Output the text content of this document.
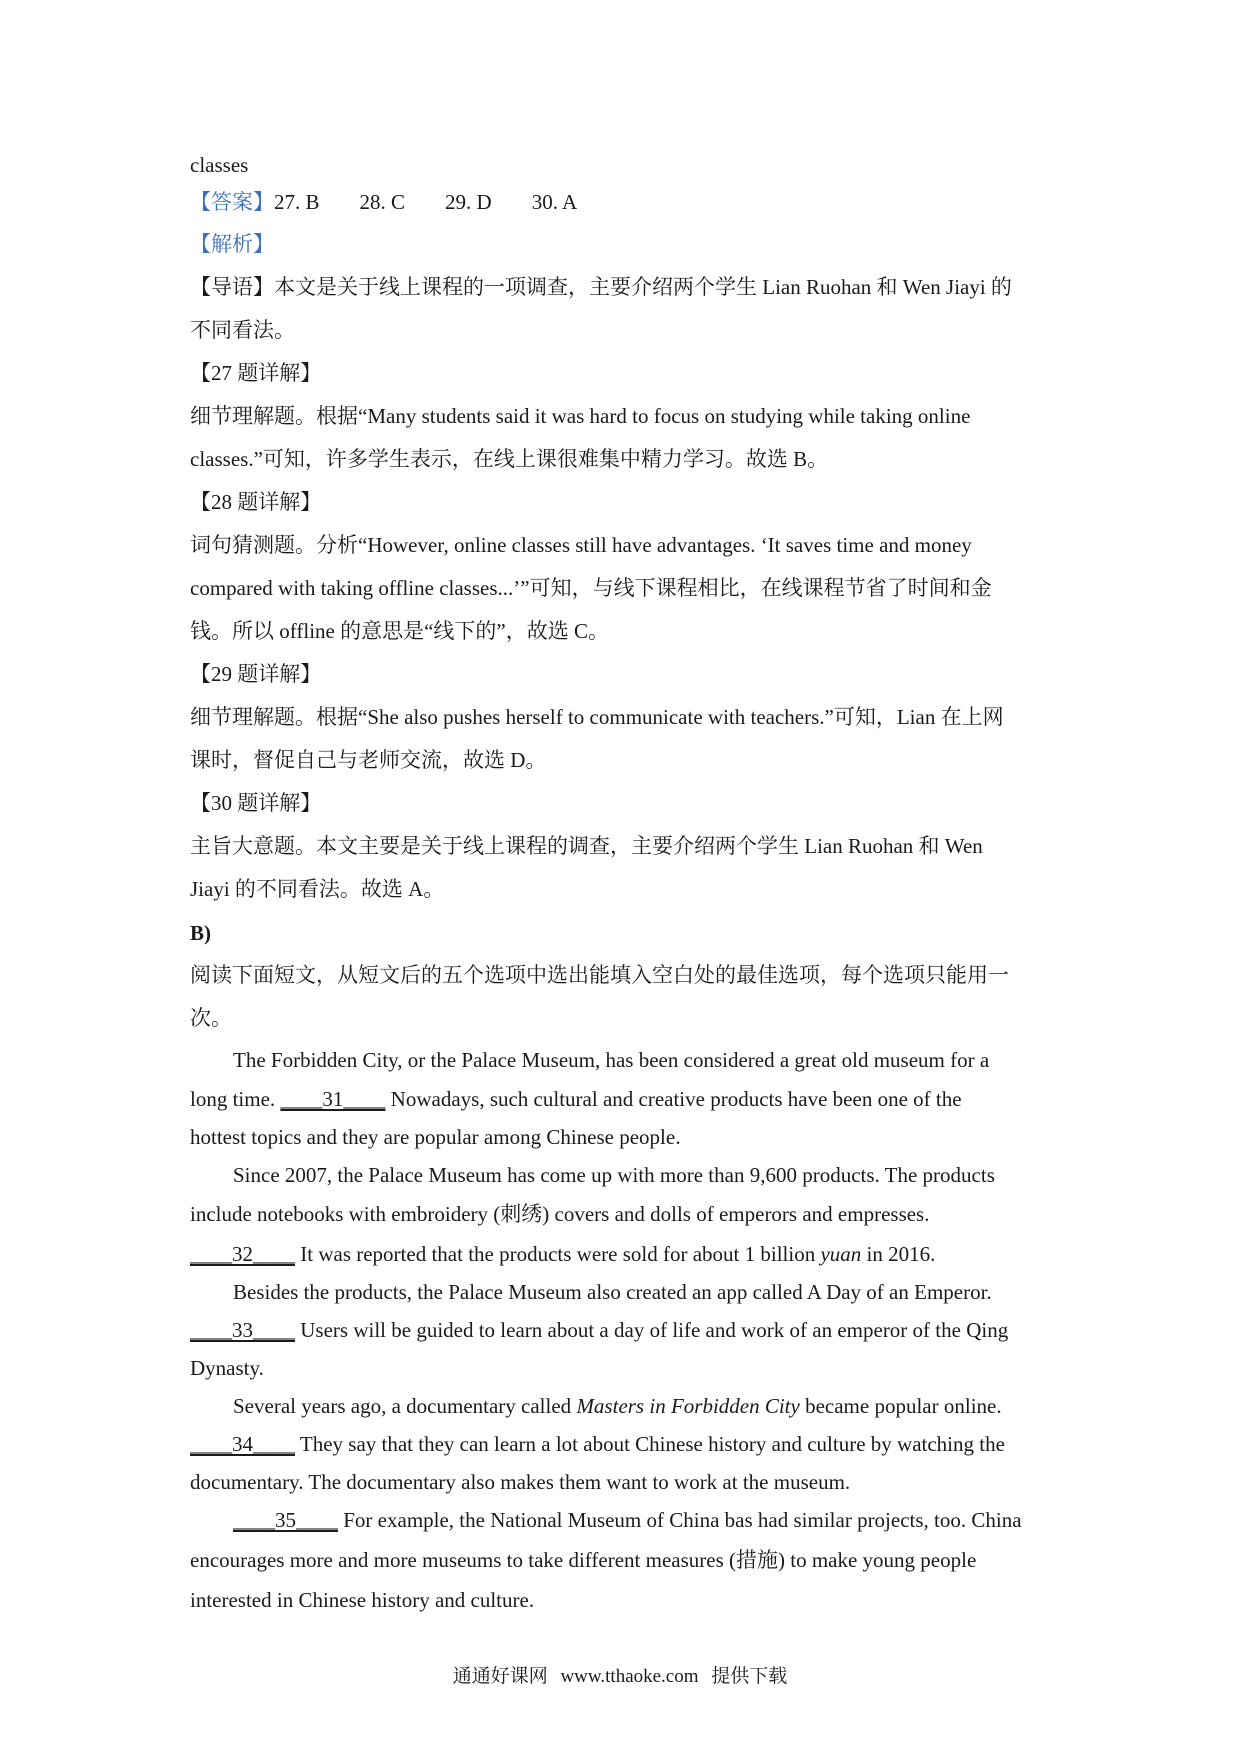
classes
【答案】27. B 28. C 29. D 30. A
【解析】
【导语】本文是关于线上课程的一项调查，主要介绍两个学生 Lian Ruohan 和 Wen Jiayi 的
不同看法。
【27 题详解】
细节理解题。根据“Many students said it was hard to focus on studying while taking online
classes.”可知，许多学生表示，在线上课很难集中精力学习。故选 B。
【28 题详解】
词句猜测题。分析“However, online classes still have advantages. ‘It saves time and money
compared with taking offline classes...’”可知，与线下课程相比，在线课程节省了时间和金
钱。所以 offline 的意思是“线下的”，故选 C。
【29 题详解】
细节理解题。根据“She also pushes herself to communicate with teachers.”可知，Lian 在上网
课时，督促自己与老师交流，故选 D。
【30 题详解】
主旨大意题。本文主要是关于线上课程的调查，主要介绍两个学生 Lian Ruohan 和 Wen
Jiayi 的不同看法。故选 A。
B)
阅读下面短文，从短文后的五个选项中选出能填入空白处的最佳选项，每个选项只能用一
次。
The Forbidden City, or the Palace Museum, has been considered a great old museum for a
long time. ____31____ Nowadays, such cultural and creative products have been one of the
hottest topics and they are popular among Chinese people.
Since 2007, the Palace Museum has come up with more than 9,600 products. The products
include notebooks with embroidery (刺绣) covers and dolls of emperors and empresses.
____32____ It was reported that the products were sold for about 1 billion yuan in 2016.
Besides the products, the Palace Museum also created an app called A Day of an Emperor.
____33____ Users will be guided to learn about a day of life and work of an emperor of the Qing
Dynasty.
Several years ago, a documentary called Masters in Forbidden City became popular online.
____34____ They say that they can learn a lot about Chinese history and culture by watching the
documentary. The documentary also makes them want to work at the museum.
____35____ For example, the National Museum of China bas had similar projects, too. China
encourages more and more museums to take different measures (措施) to make young people
interested in Chinese history and culture.
通通好课网 www.tthaoke.com 提供下载
